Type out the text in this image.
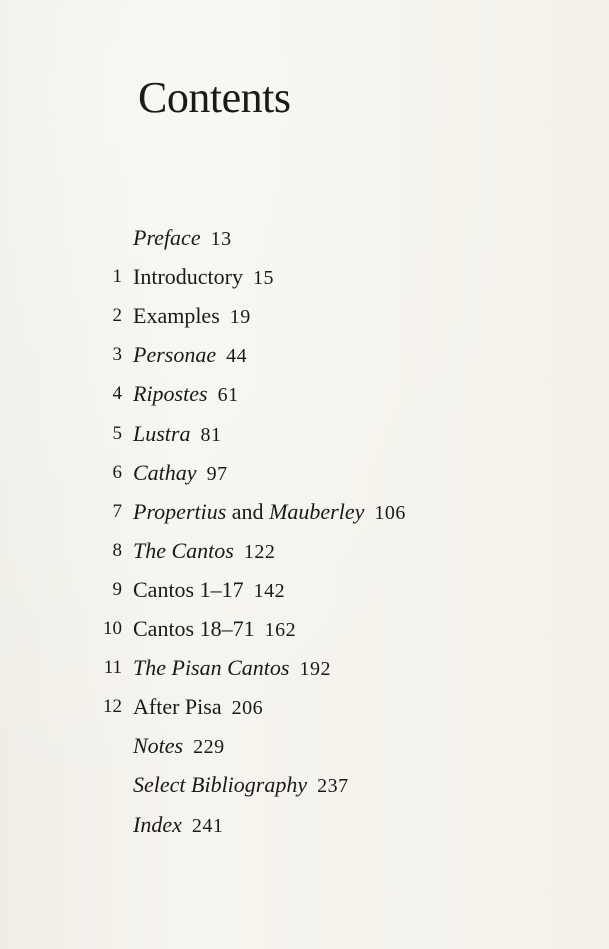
Contents
Preface 13
1 Introductory 15
2 Examples 19
3 Personae 44
4 Ripostes 61
5 Lustra 81
6 Cathay 97
7 Propertius and Mauberley 106
8 The Cantos 122
9 Cantos 1–17 142
10 Cantos 18–71 162
11 The Pisan Cantos 192
12 After Pisa 206
Notes 229
Select Bibliography 237
Index 241
